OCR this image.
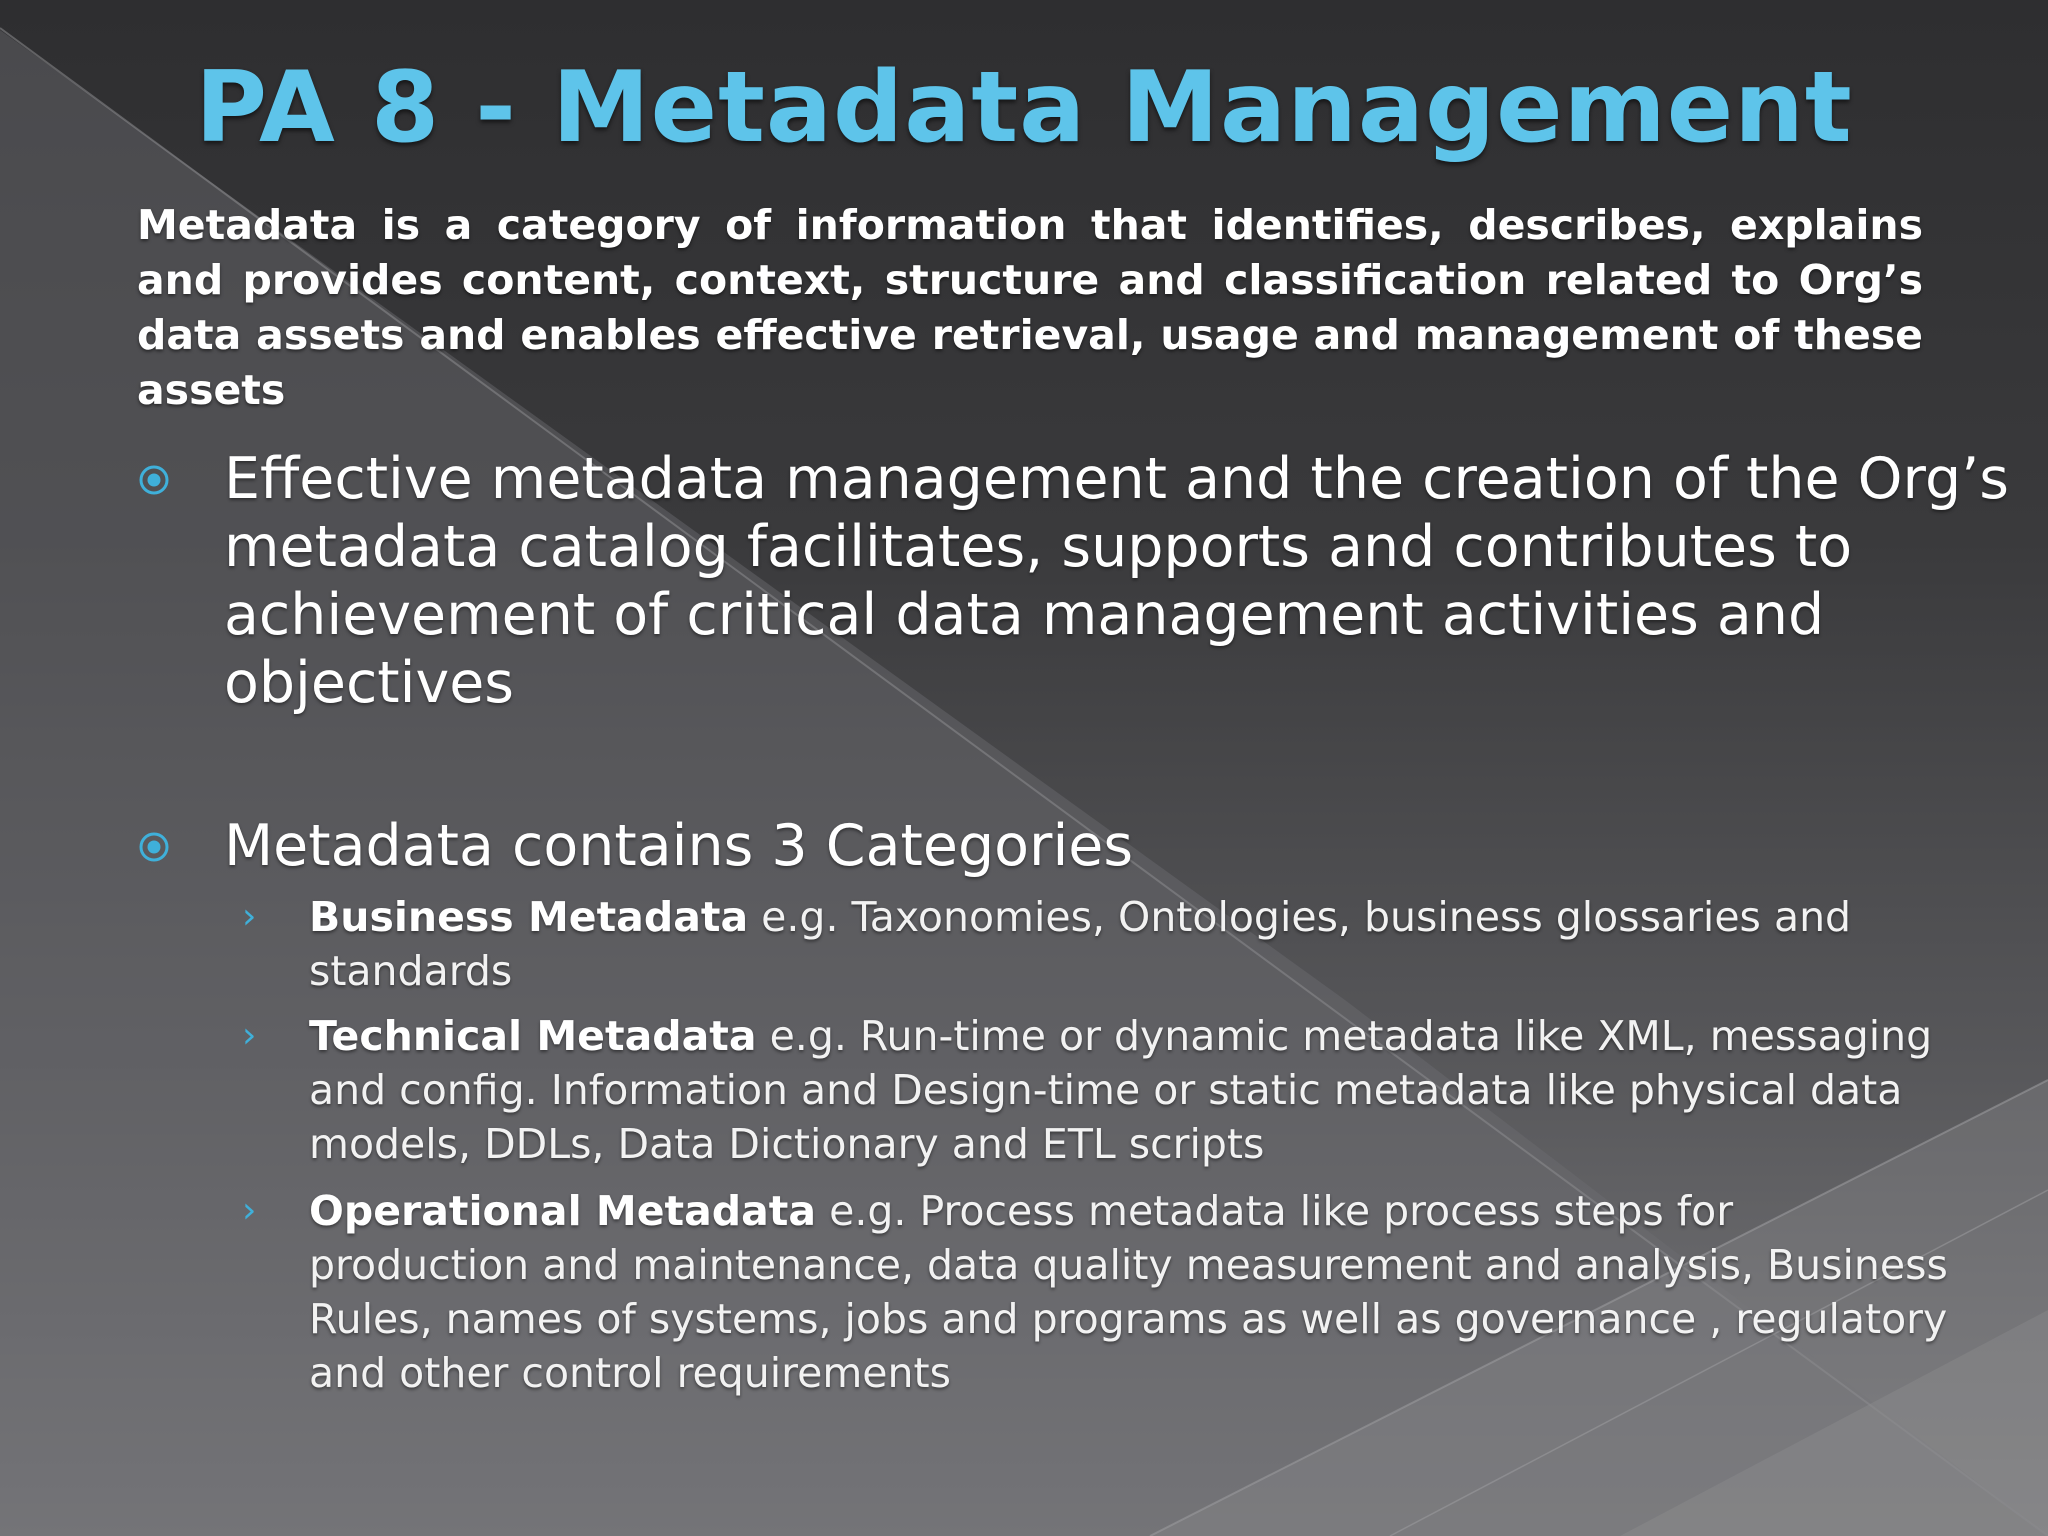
PA 8 - Metadata Management

Metadata is a category of information that identifies, describes, explains and provides content, context, structure and classification related to Org’s data assets and enables effective retrieval, usage and management of these assets

Effective metadata management and the creation of the Org’s metadata catalog facilitates, supports and contributes to achievement of critical data management activities and objectives

Metadata contains 3 Categories

› Business Metadata e.g. Taxonomies, Ontologies, business glossaries and standards

› Technical Metadata e.g. Run-time or dynamic metadata like XML, messaging and config. Information and Design-time or static metadata like physical data models, DDLs, Data Dictionary and ETL scripts

› Operational Metadata e.g. Process metadata like process steps for production and maintenance, data quality measurement and analysis, Business Rules, names of systems, jobs and programs as well as governance , regulatory and other control requirements
